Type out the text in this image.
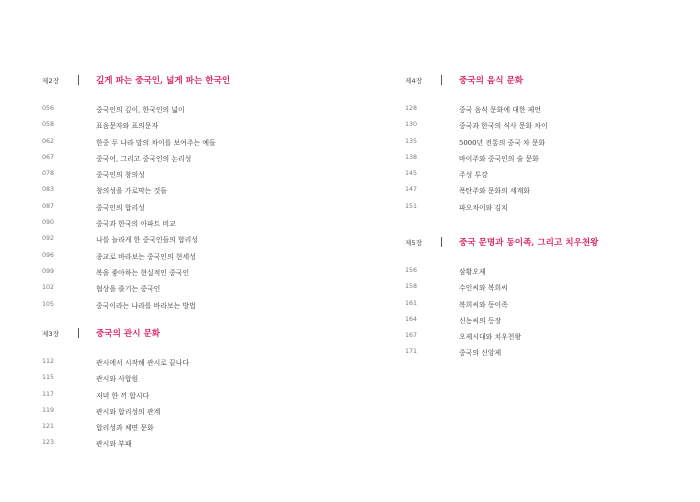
제2장	깊게 파는 중국인, 넓게 파는 한국인
056	중국인의 깊이, 한국인의 넓이
058	표음문자와 표의문자
062	한중 두 나라 말의 차이를 보여주는 예들
067	중국어, 그리고 중국인의 논리성
078	중국인의 창의성
083	창의성을 가로막는 것들
087	중국인의 합리성
090	중국과 한국의 아파트 비교
092	나를 놀라게 한 중국인들의 합리성
096	종교로 바라보는 중국인의 현세성
099	복을 좋아하는 현실적인 중국인
102	협상을 즐기는 중국인
105	중국이라는 나라를 바라보는 방법
제3장	중국의 관시 문화
112	관시에서 시작해 관시로 끝나다
115	관시와 사합원
117	저녁 한 끼 합시다
119	관시와 합리성의 관계
121	합리성과 체면 문화
123	관시와 부패
제4장	중국의 음식 문화
128	중국 음식 문화에 대한 제언
130	중국과 한국의 식사 문화 차이
135	5000년 전통의 중국 차 문화
138	바이주와 중국인의 술 문화
145	주성 투강
147	폭탄주와 문화의 세계화
151	파오차이와 김치
제5장	중국 문명과 동이족, 그리고 치우천왕
156	삼황오제
158	수인씨와 복희씨
161	복희씨와 동이족
164	신농씨의 등장
167	오제시대와 치우천왕
171	중국의 신앙제
